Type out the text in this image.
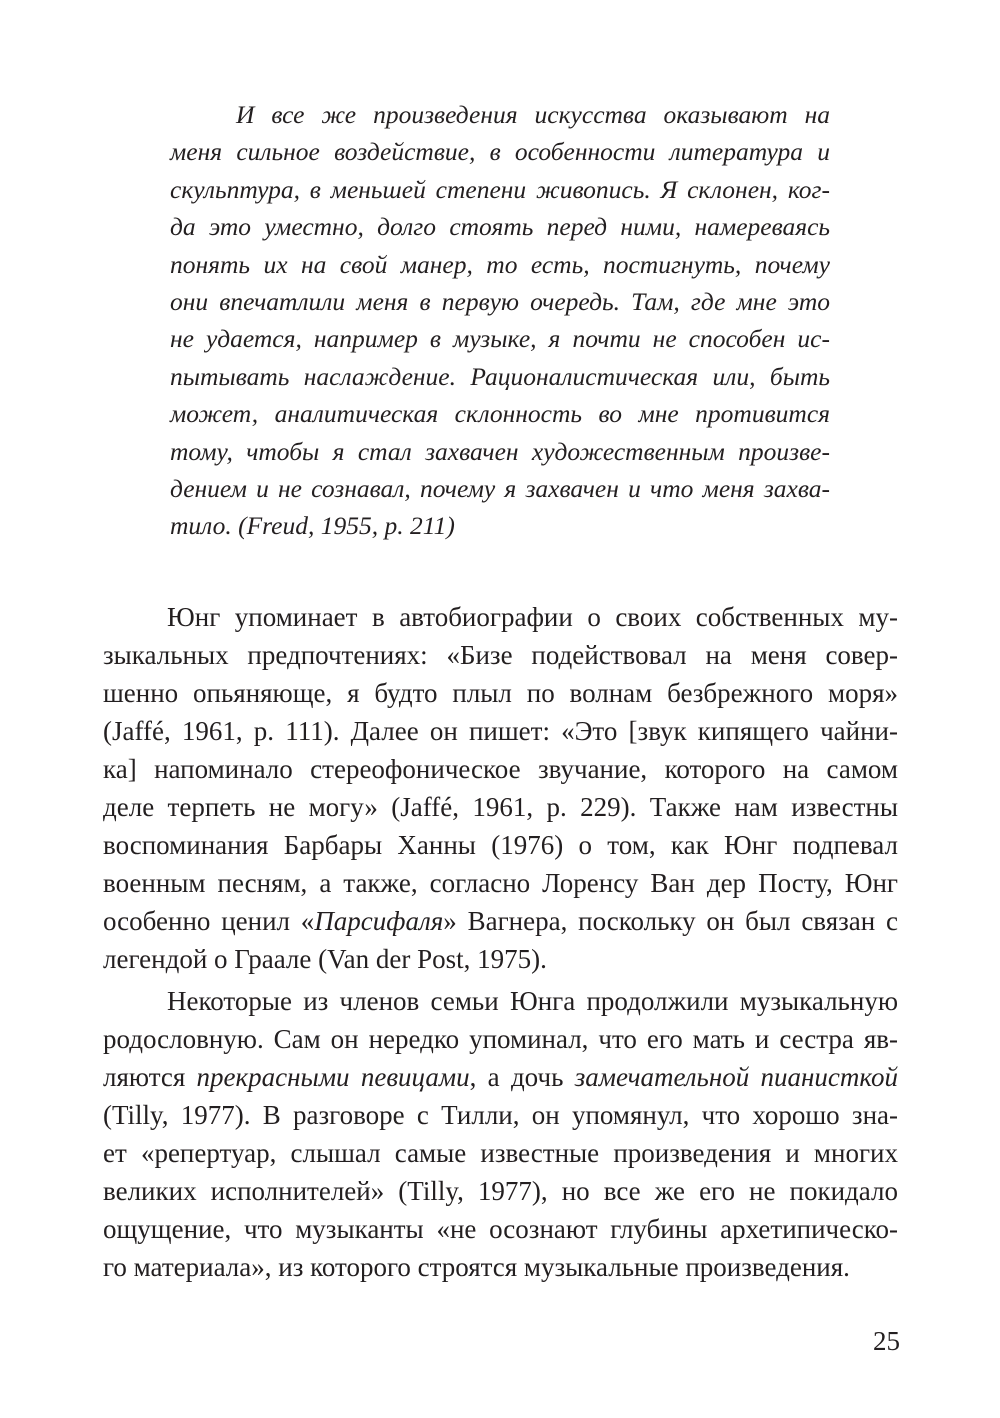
И все же произведения искусства оказывают на
меня сильное воздействие, в особенности литература и
скульптура, в меньшей степени живопись. Я склонен, ког-
да это уместно, долго стоять перед ними, намереваясь
понять их на свой манер, то есть, постигнуть, почему
они впечатлили меня в первую очередь. Там, где мне это
не удается, например в музыке, я почти не способен ис-
пытывать наслаждение. Рационалистическая или, быть
может, аналитическая склонность во мне противится
тому, чтобы я стал захвачен художественным произве-
дением и не сознавал, почему я захвачен и что меня захва-
тило. (Freud, 1955, p. 211)
Юнг упоминает в автобиографии о своих собственных му-
зыкальных предпочтениях: «Бизе подействовал на меня совер-
шенно опьяняюще, я будто плыл по волнам безбрежного моря»
(Jaffé, 1961, p. 111). Далее он пишет: «Это [звук кипящего чайни-
ка] напоминало стереофоническое звучание, которого на самом
деле терпеть не могу» (Jaffé, 1961, p. 229). Также нам известны
воспоминания Барбары Ханны (1976) о том, как Юнг подпевал
военным песням, а также, согласно Лоренсу Ван дер Посту, Юнг
особенно ценил «Парсифаля» Вагнера, поскольку он был связан с
легендой о Граале (Van der Post, 1975).
Некоторые из членов семьи Юнга продолжили музыкальную
родословную. Сам он нередко упоминал, что его мать и сестра яв-
ляются прекрасными певицами, а дочь замечательной пианисткой
(Tilly, 1977). В разговоре с Тилли, он упомянул, что хорошо зна-
ет «репертуар, слышал самые известные произведения и многих
великих исполнителей» (Tilly, 1977), но все же его не покидало
ощущение, что музыканты «не осознают глубины архетипическо-
го материала», из которого строятся музыкальные произведения.
25
